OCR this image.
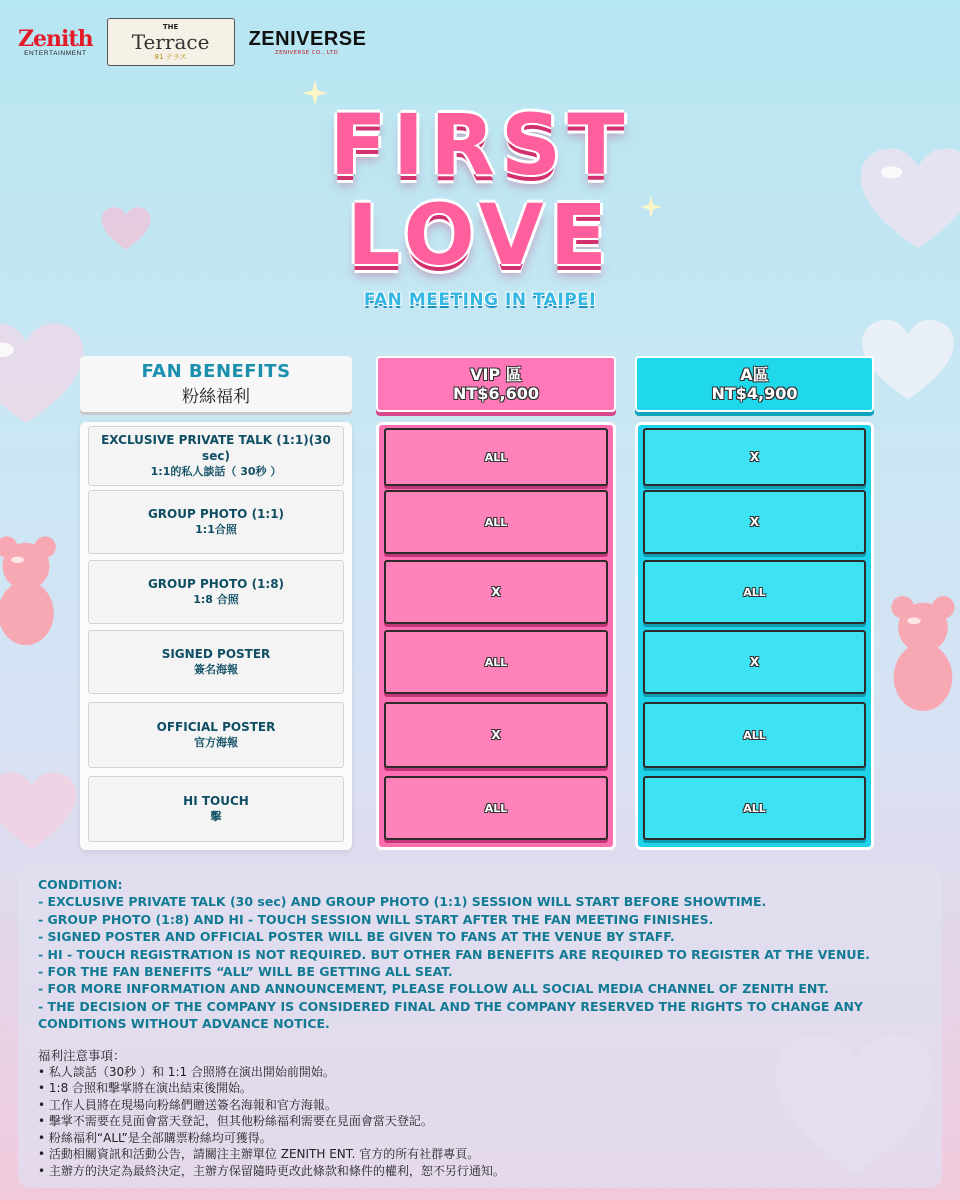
Zenith
ENTERTAINMENT
THE
Terrace
81 テラス
ZENIVERSE
ZENIVERSE CO., LTD.
FIRST
LOVE
FAN MEETING IN TAIPEI
FAN BENEFITS
粉絲福利
VIP 區
NT$6,600
A區
NT$4,900
EXCLUSIVE PRIVATE TALK (1:1)(30 sec)
1:1的私人談話（ 30秒 ）
GROUP PHOTO (1:1)
1:1合照
GROUP PHOTO (1:8)
1:8 合照
SIGNED POSTER
簽名海報
OFFICIAL POSTER
官方海報
HI TOUCH
擊
ALL
ALL
X
ALL
X
ALL
X
X
ALL
X
ALL
ALL
CONDITION:
- EXCLUSIVE PRIVATE TALK (30 sec) AND GROUP PHOTO (1:1) SESSION WILL START BEFORE SHOWTIME.
- GROUP PHOTO (1:8) AND HI - TOUCH SESSION WILL START AFTER THE FAN MEETING FINISHES.
- SIGNED POSTER AND OFFICIAL POSTER WILL BE GIVEN TO FANS AT THE VENUE BY STAFF.
- HI - TOUCH REGISTRATION IS NOT REQUIRED. BUT OTHER FAN BENEFITS ARE REQUIRED TO REGISTER AT THE VENUE.
- FOR THE FAN BENEFITS “ALL” WILL BE GETTING ALL SEAT.
- FOR MORE INFORMATION AND ANNOUNCEMENT, PLEASE FOLLOW ALL SOCIAL MEDIA CHANNEL OF ZENITH ENT.
- THE DECISION OF THE COMPANY IS CONSIDERED FINAL AND THE COMPANY RESERVED THE RIGHTS TO CHANGE ANY
CONDITIONS WITHOUT ADVANCE NOTICE.
福利注意事項：
• 私人談話（30秒 ）和 1:1 合照將在演出開始前開始。
• 1:8 合照和擊掌將在演出結束後開始。
• 工作人員將在現場向粉絲們贈送簽名海報和官方海報。
• 擊掌不需要在見面會當天登記，但其他粉絲福利需要在見面會當天登記。
• 粉絲福利“ALL”是全部購票粉絲均可獲得。
• 活動相關資訊和活動公告，請關注主辦單位 ZENITH ENT. 官方的所有社群專頁。
• 主辦方的決定為最終決定，主辦方保留隨時更改此條款和條件的權利，恕不另行通知。
